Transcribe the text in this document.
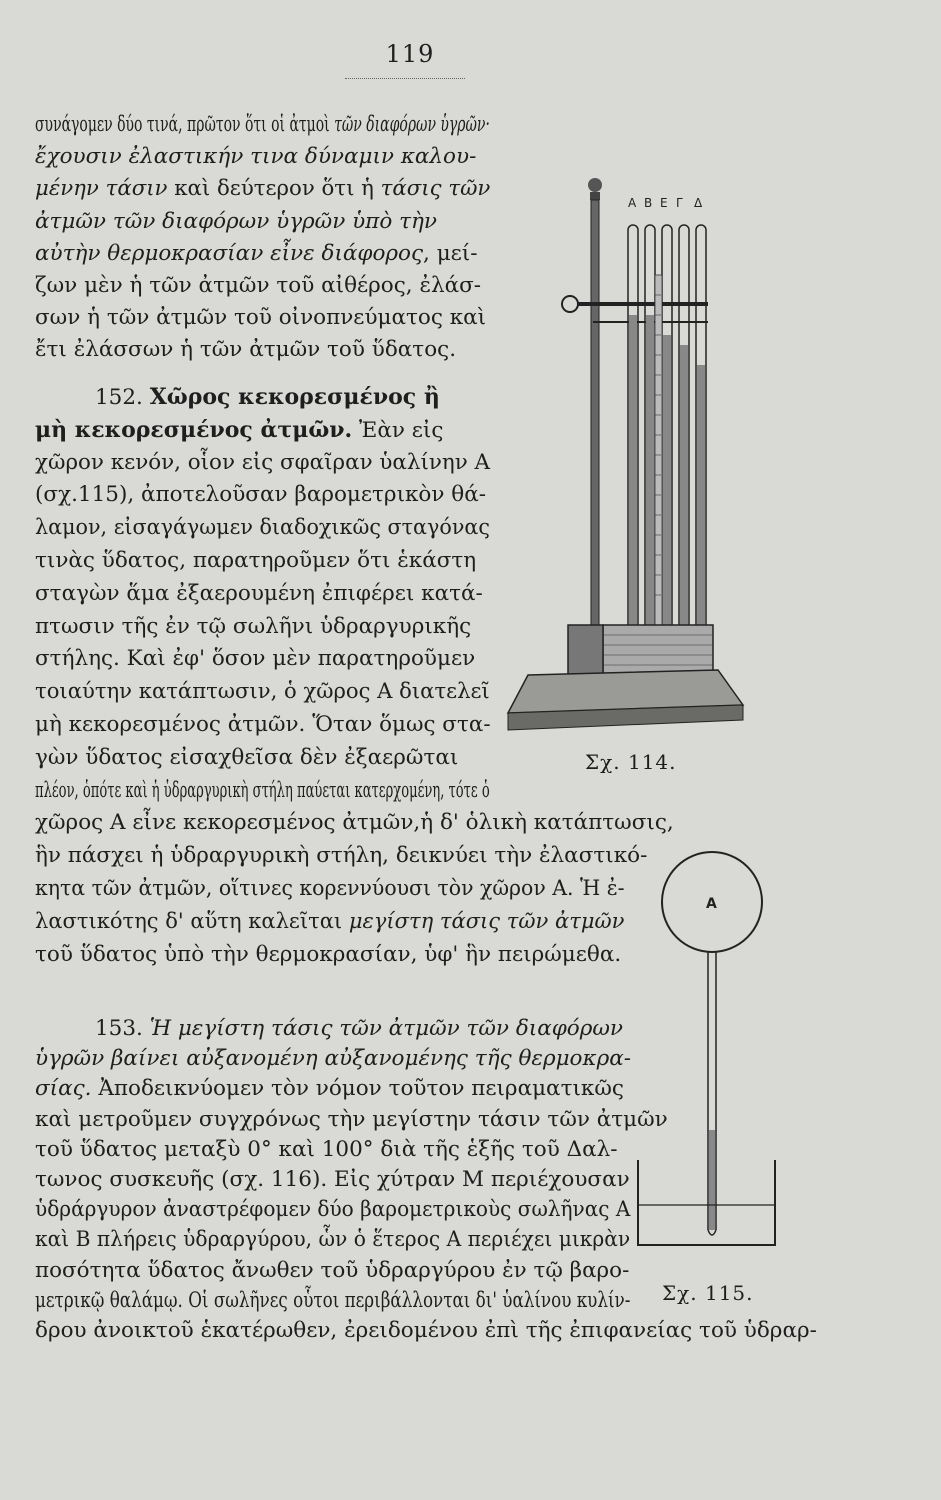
119
συνάγομεν δύο τινά, πρῶτον ὅτι οἱ ἀτμοὶ τῶν διαφόρων ὑγρῶν·
ἔχουσιν ἐλαστικήν τινα δύναμιν καλου-
μένην τάσιν καὶ δεύτερον ὅτι ἡ τάσις τῶν
ἀτμῶν τῶν διαφόρων ὑγρῶν ὑπὸ τὴν
αὐτὴν θερμοκρασίαν εἶνε διάφορος, μεί-
ζων μὲν ἡ τῶν ἀτμῶν τοῦ αἰθέρος, ἐλάσ-
σων ἡ τῶν ἀτμῶν τοῦ οἰνοπνεύματος καὶ
ἔτι ἐλάσσων ἡ τῶν ἀτμῶν τοῦ ὕδατος.
152. Χῶρος κεκορεσμένος ἢ
μὴ κεκορεσμένος ἀτμῶν. Ἐὰν εἰς
χῶρον κενόν, οἷον εἰς σφαῖραν ὑαλίνην Α
(σχ.115), ἀποτελοῦσαν βαρομετρικὸν θά-
λαμον, εἰσαγάγωμεν διαδοχικῶς σταγόνας
τινὰς ὕδατος, παρατηροῦμεν ὅτι ἑκάστη
σταγὼν ἅμα ἐξαερουμένη ἐπιφέρει κατά-
πτωσιν τῆς ἐν τῷ σωλῆνι ὑδραργυρικῆς
στήλης. Καὶ ἐφ' ὅσον μὲν παρατηροῦμεν
τοιαύτην κατάπτωσιν, ὁ χῶρος Α διατελεῖ
μὴ κεκορεσμένος ἀτμῶν. Ὅταν ὅμως στα-
γὼν ὕδατος εἰσαχθεῖσα δὲν ἐξαερῶται
πλέον, ὁπότε καὶ ἡ ὑδραργυρικὴ στήλη παύεται κατερχομένη, τότε ὁ
χῶρος Α εἶνε κεκορεσμένος ἀτμῶν,ἡ δ' ὁλικὴ κατάπτωσις,
ἣν πάσχει ἡ ὑδραργυρικὴ στήλη, δεικνύει τὴν ἐλαστικό-
κητα τῶν ἀτμῶν, οἵτινες κορεννύουσι τὸν χῶρον Α. Ἡ ἐ-
λαστικότης δ' αὕτη καλεῖται μεγίστη τάσις τῶν ἀτμῶν
τοῦ ὕδατος ὑπὸ τὴν θερμοκρασίαν, ὑφ' ἣν πειρώμεθα.
153. Ἡ μεγίστη τάσις τῶν ἀτμῶν τῶν διαφόρων
ὑγρῶν βαίνει αὐξανομένη αὐξανομένης τῆς θερμοκρα-
σίας. Ἀποδεικνύομεν τὸν νόμον τοῦτον πειραματικῶς
καὶ μετροῦμεν συγχρόνως τὴν μεγίστην τάσιν τῶν ἀτμῶν
τοῦ ὕδατος μεταξὺ 0° καὶ 100° διὰ τῆς ἑξῆς τοῦ Δαλ-
τωνος συσκευῆς (σχ. 116). Εἰς χύτραν Μ περιέχουσαν
ὑδράργυρον ἀναστρέφομεν δύο βαρομετρικοὺς σωλῆνας Α
καὶ Β πλήρεις ὑδραργύρου, ὧν ὁ ἕτερος Α περιέχει μικρὰν
ποσότητα ὕδατος ἄνωθεν τοῦ ὑδραργύρου ἐν τῷ βαρο-
μετρικῷ θαλάμῳ. Οἱ σωλῆνες οὗτοι περιβάλλονται δι' ὑαλίνου κυλίν-
δρου ἀνοικτοῦ ἑκατέρωθεν, ἐρειδομένου ἐπὶ τῆς ἐπιφανείας τοῦ ὑδραρ-
Α Β Ε Γ Δ
Σχ. 114.
Α
Σχ. 115.
